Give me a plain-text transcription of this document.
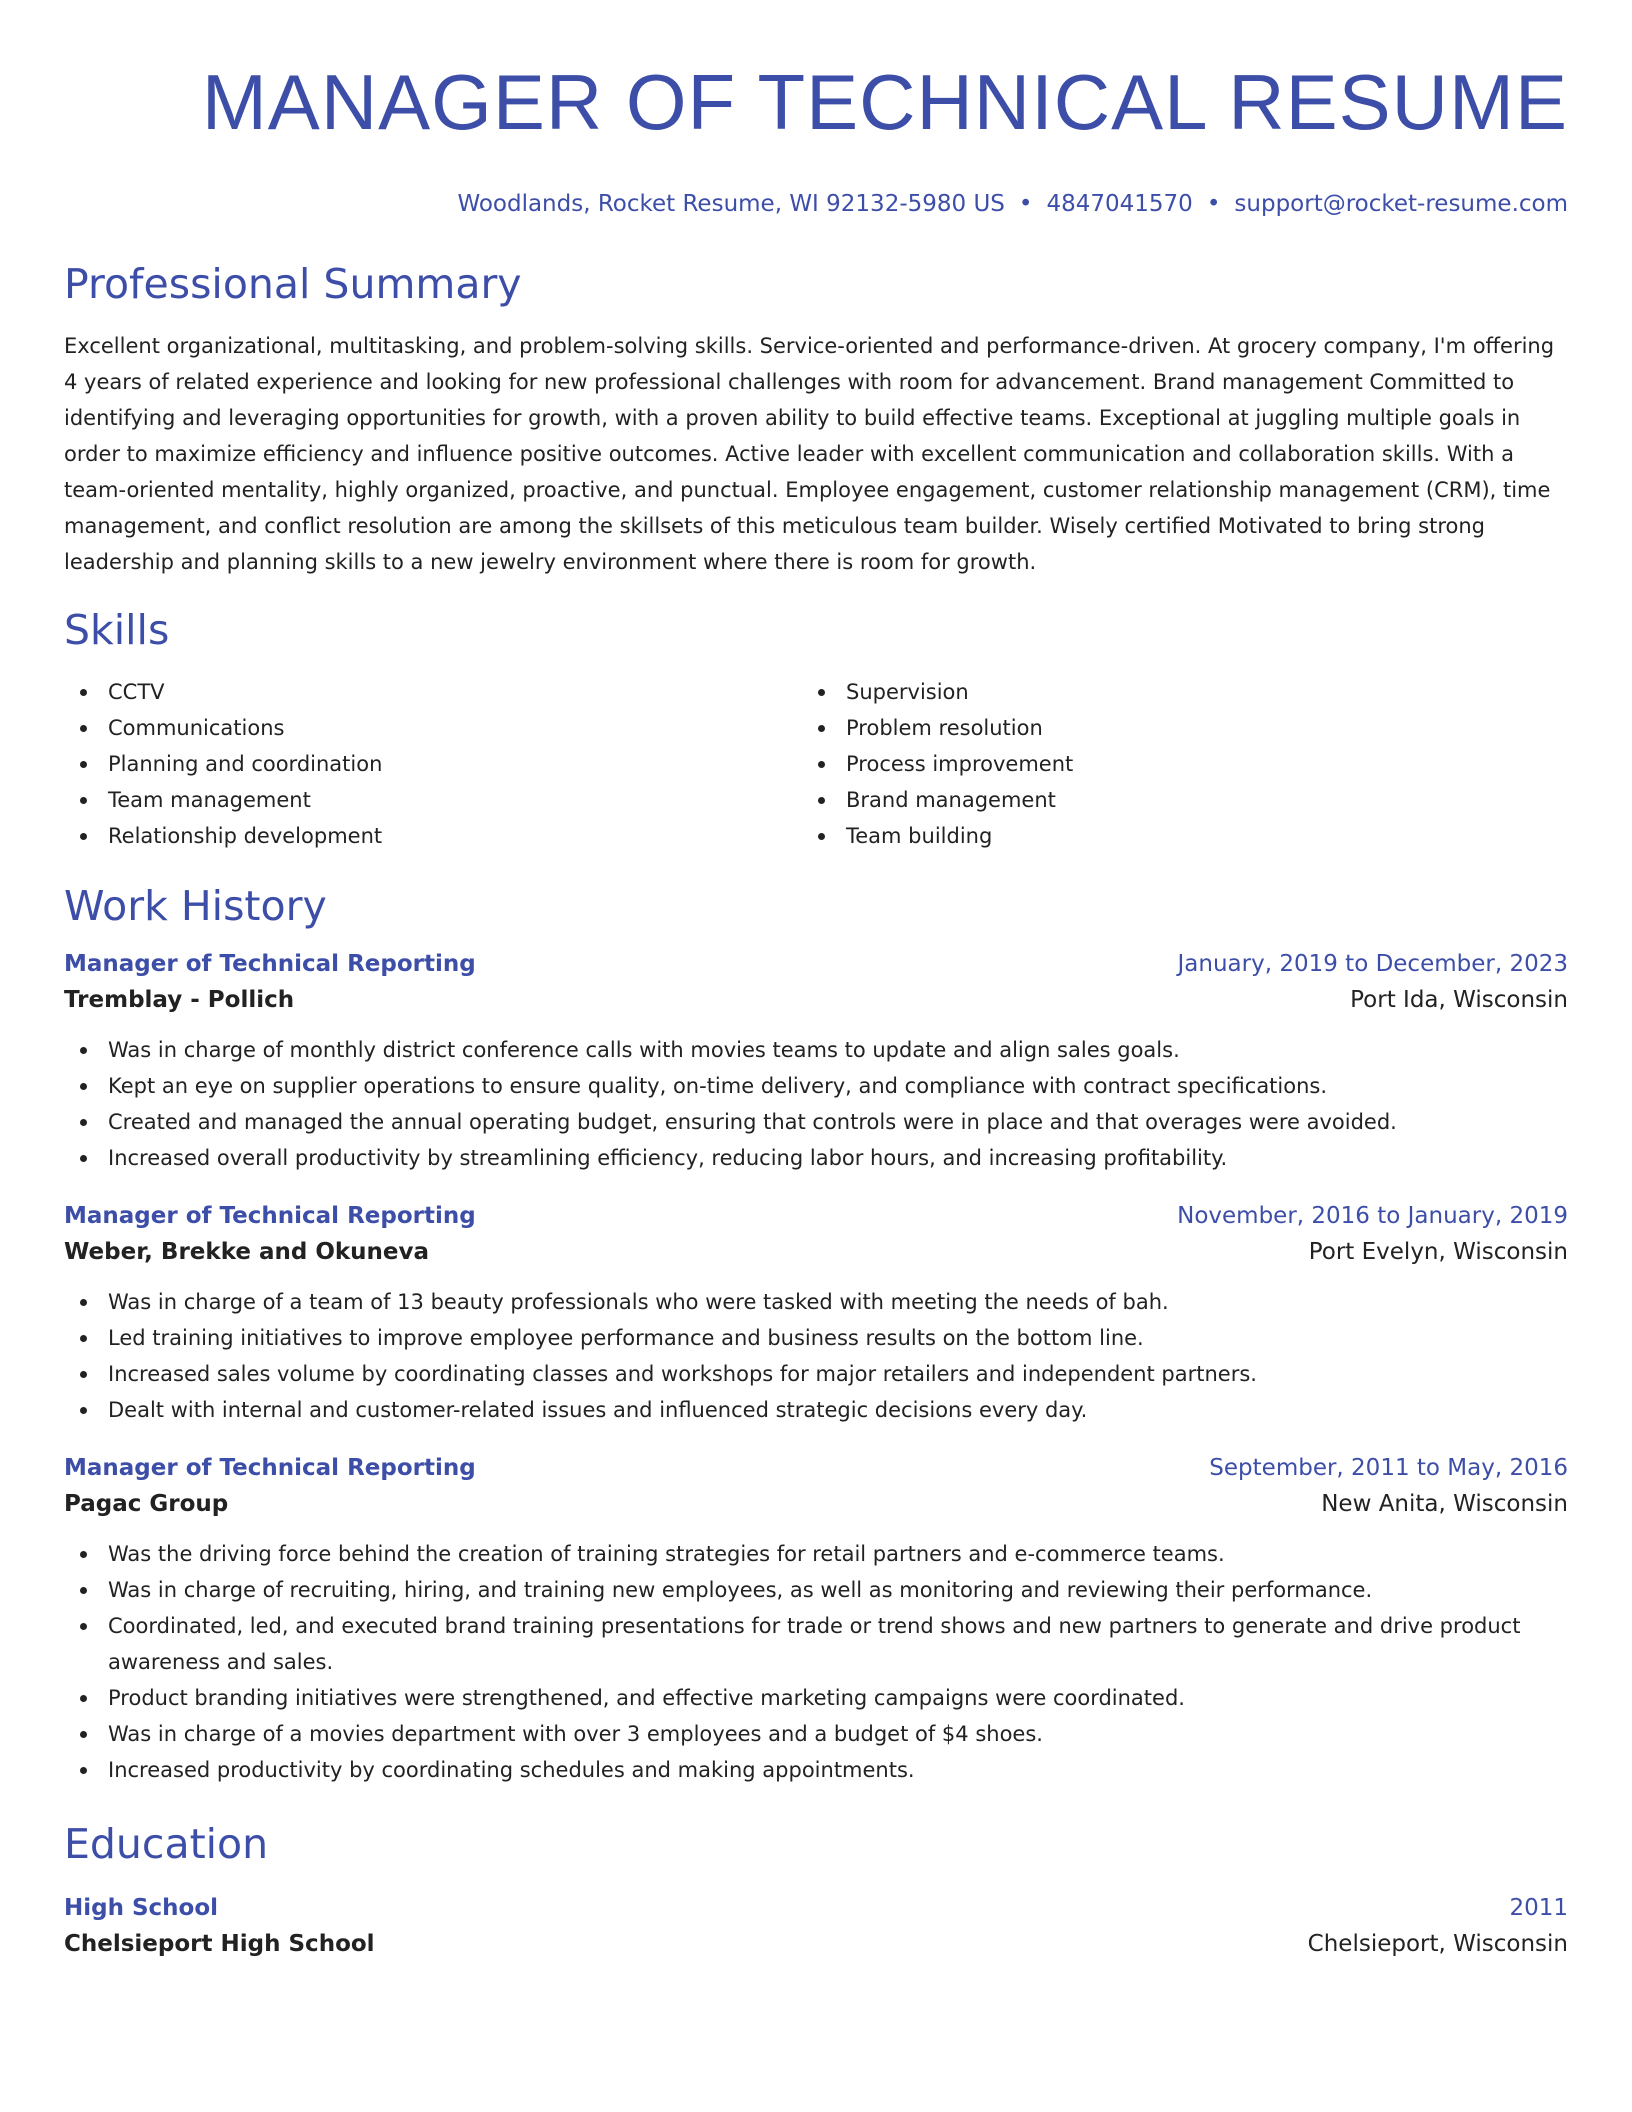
MANAGER OF TECHNICAL RESUME
Woodlands, Rocket Resume, WI 92132-5980 US • 4847041570 • support@rocket-resume.com
Professional Summary

Excellent organizational, multitasking, and problem-solving skills. Service-oriented and performance-driven. At grocery company, I'm offering 4 years of related experience and looking for new professional challenges with room for advancement. Brand management Committed to identifying and leveraging opportunities for growth, with a proven ability to build effective teams. Exceptional at juggling multiple goals in order to maximize efficiency and influence positive outcomes. Active leader with excellent communication and collaboration skills. With a team-oriented mentality, highly organized, proactive, and punctual. Employee engagement, customer relationship management (CRM), time management, and conflict resolution are among the skillsets of this meticulous team builder. Wisely certified Motivated to bring strong leadership and planning skills to a new jewelry environment where there is room for growth.

Skills
CCTV
Communications
Planning and coordination
Team management
Relationship development
Supervision
Problem resolution
Process improvement
Brand management
Team building
Work History
Manager of Technical Reporting	January, 2019 to December, 2023
Tremblay - Pollich	Port Ida, Wisconsin
Was in charge of monthly district conference calls with movies teams to update and align sales goals.
Kept an eye on supplier operations to ensure quality, on-time delivery, and compliance with contract specifications.
Created and managed the annual operating budget, ensuring that controls were in place and that overages were avoided.
Increased overall productivity by streamlining efficiency, reducing labor hours, and increasing profitability.
Manager of Technical Reporting	November, 2016 to January, 2019
Weber, Brekke and Okuneva	Port Evelyn, Wisconsin
Was in charge of a team of 13 beauty professionals who were tasked with meeting the needs of bah.
Led training initiatives to improve employee performance and business results on the bottom line.
Increased sales volume by coordinating classes and workshops for major retailers and independent partners.
Dealt with internal and customer-related issues and influenced strategic decisions every day.
Manager of Technical Reporting	September, 2011 to May, 2016
Pagac Group	New Anita, Wisconsin
Was the driving force behind the creation of training strategies for retail partners and e-commerce teams.
Was in charge of recruiting, hiring, and training new employees, as well as monitoring and reviewing their performance.
Coordinated, led, and executed brand training presentations for trade or trend shows and new partners to generate and drive product awareness and sales.
Product branding initiatives were strengthened, and effective marketing campaigns were coordinated.
Was in charge of a movies department with over 3 employees and a budget of $4 shoes.
Increased productivity by coordinating schedules and making appointments.
Education
High School	2011
Chelsieport High School	Chelsieport, Wisconsin
